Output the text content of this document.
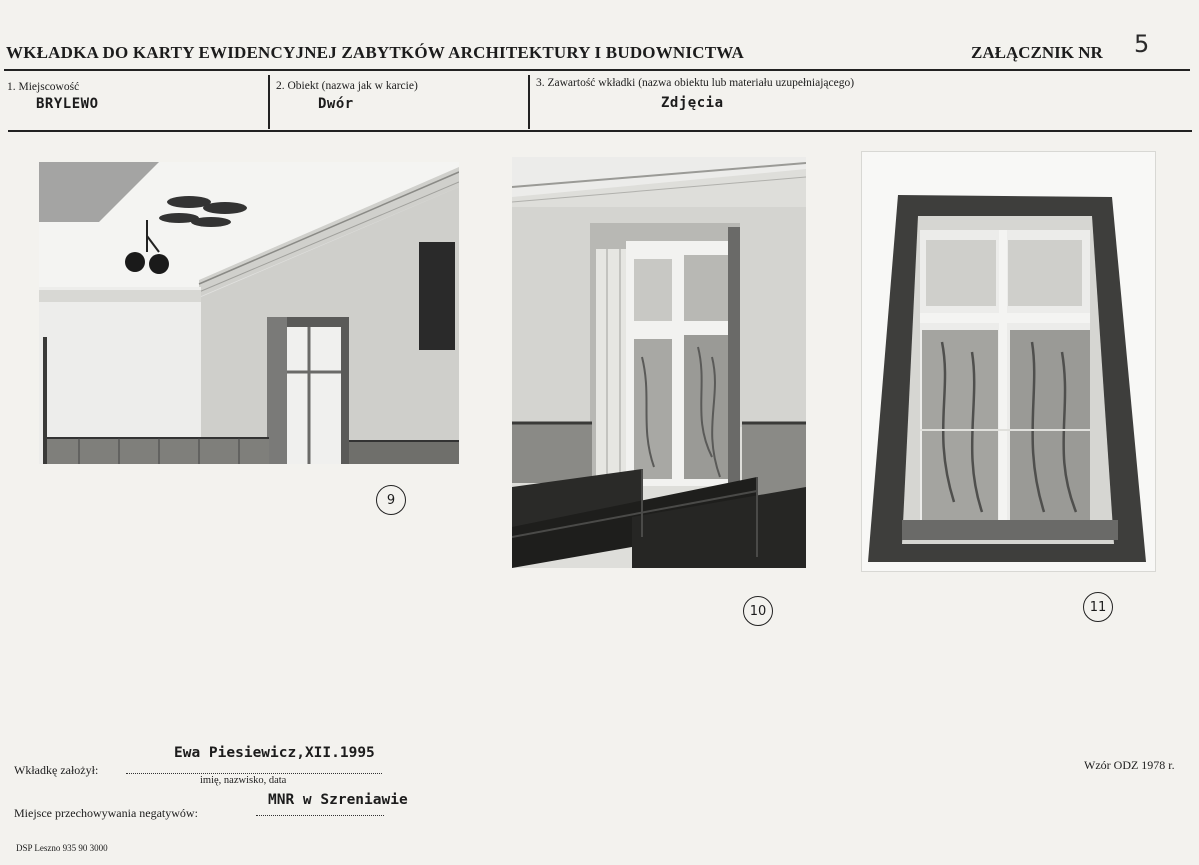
WKŁADKA DO KARTY EWIDENCYJNEJ ZABYTKÓW ARCHITEKTURY I BUDOWNICTWA	ZAŁĄCZNIK NR 5
1. Miejscowość
BRYLEWO
2. Obiekt (nazwa jak w karcie)
Dwór
3. Zawartość wkładki (nazwa obiektu lub materiału uzupełniającego)
Zdjęcia
9
10	11
Ewa Piesiewicz,XII.1995
Wkładkę założył:
imię, nazwisko, data
MNR w Szreniawie
Miejsce przechowywania negatywów:
DSP Leszno 935 90 3000
Wzór ODZ 1978 r.
